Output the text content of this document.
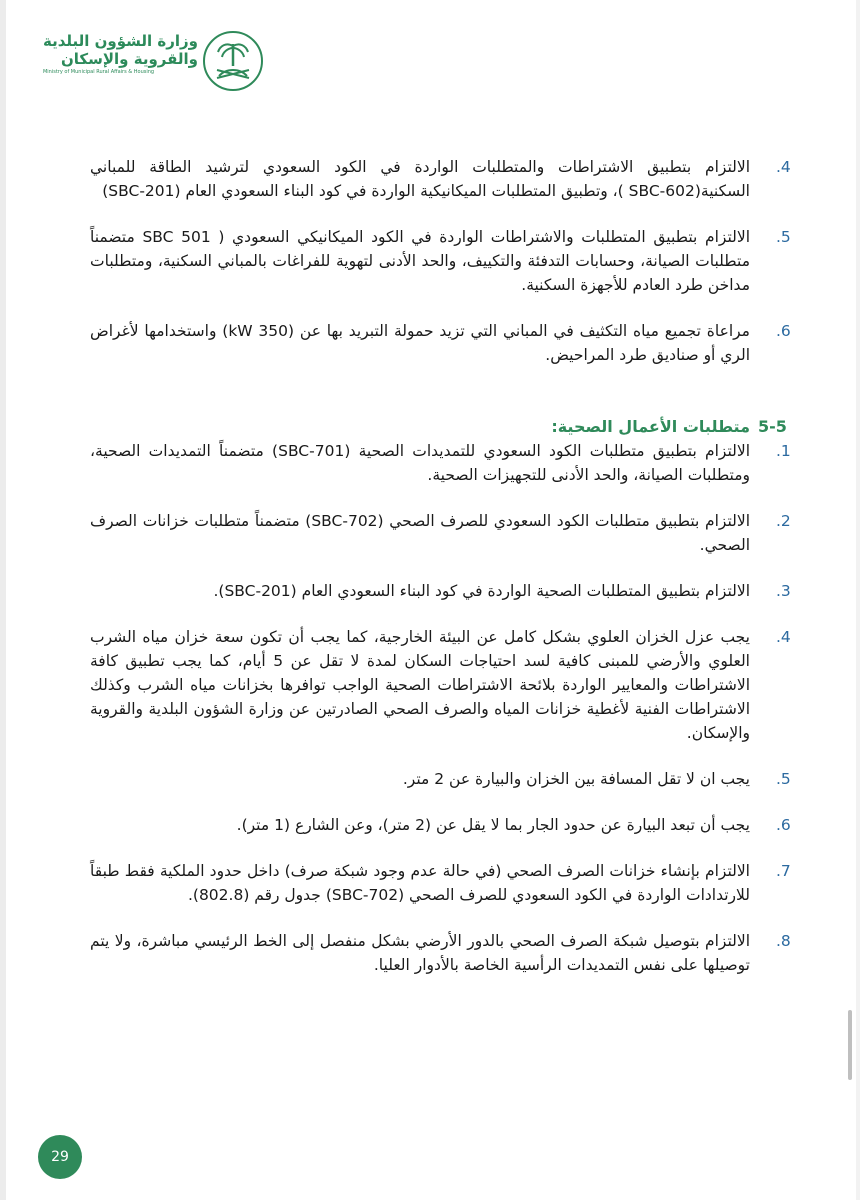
وزارة الشؤون البلدية
والقروية والإسكان
Ministry of Municipal Rural Affairs & Housing
.4
الالتزام بتطبيق الاشتراطات والمتطلبات الواردة في الكود السعودي لترشيد الطاقة للمباني السكنية(SBC-602 )، وتطبيق المتطلبات الميكانيكية الواردة في كود البناء السعودي العام (SBC-201)
.5
الالتزام بتطبيق المتطلبات والاشتراطات الواردة في الكود الميكانيكي السعودي ( SBC 501 متضمناً متطلبات الصيانة، وحسابات التدفئة والتكييف، والحد الأدنى لتهوية للفراغات بالمباني السكنية، ومتطلبات مداخن طرد العادم للأجهزة السكنية.
.6
مراعاة تجميع مياه التكثيف في المباني التي تزيد حمولة التبريد بها عن (kW 350) واستخدامها لأغراض الري أو صناديق طرد المراحيض.
5-5
متطلبات الأعمال الصحية:
.1
الالتزام بتطبيق متطلبات الكود السعودي للتمديدات الصحية (SBC-701) متضمناً التمديدات الصحية، ومتطلبات الصيانة، والحد الأدنى للتجهيزات الصحية.
.2
الالتزام بتطبيق متطلبات الكود السعودي للصرف الصحي (SBC-702) متضمناً متطلبات خزانات الصرف الصحي.
.3
الالتزام بتطبيق المتطلبات الصحية الواردة في كود البناء السعودي العام (SBC-201).
.4
يجب عزل الخزان العلوي بشكل كامل عن البيئة الخارجية، كما يجب أن تكون سعة خزان مياه الشرب العلوي والأرضي للمبنى كافية لسد احتياجات السكان لمدة لا تقل عن 5 أيام، كما يجب تطبيق كافة الاشتراطات والمعايير الواردة بلائحة الاشتراطات الصحية الواجب توافرها بخزانات مياه الشرب وكذلك الاشتراطات الفنية لأغطية خزانات المياه والصرف الصحي الصادرتين عن وزارة الشؤون البلدية والقروية والإسكان.
.5
يجب ان لا تقل المسافة بين الخزان والبيارة عن 2 متر.
.6
يجب أن تبعد البيارة عن حدود الجار بما لا يقل عن (2 متر)، وعن الشارع (1 متر).
.7
الالتزام بإنشاء خزانات الصرف الصحي (في حالة عدم وجود شبكة صرف) داخل حدود الملكية فقط طبقاً للارتدادات الواردة في الكود السعودي للصرف الصحي (SBC-702) جدول رقم (802.8).
.8
الالتزام بتوصيل شبكة الصرف الصحي بالدور الأرضي بشكل منفصل إلى الخط الرئيسي مباشرة، ولا يتم توصيلها على نفس التمديدات الرأسية الخاصة بالأدوار العليا.
29
